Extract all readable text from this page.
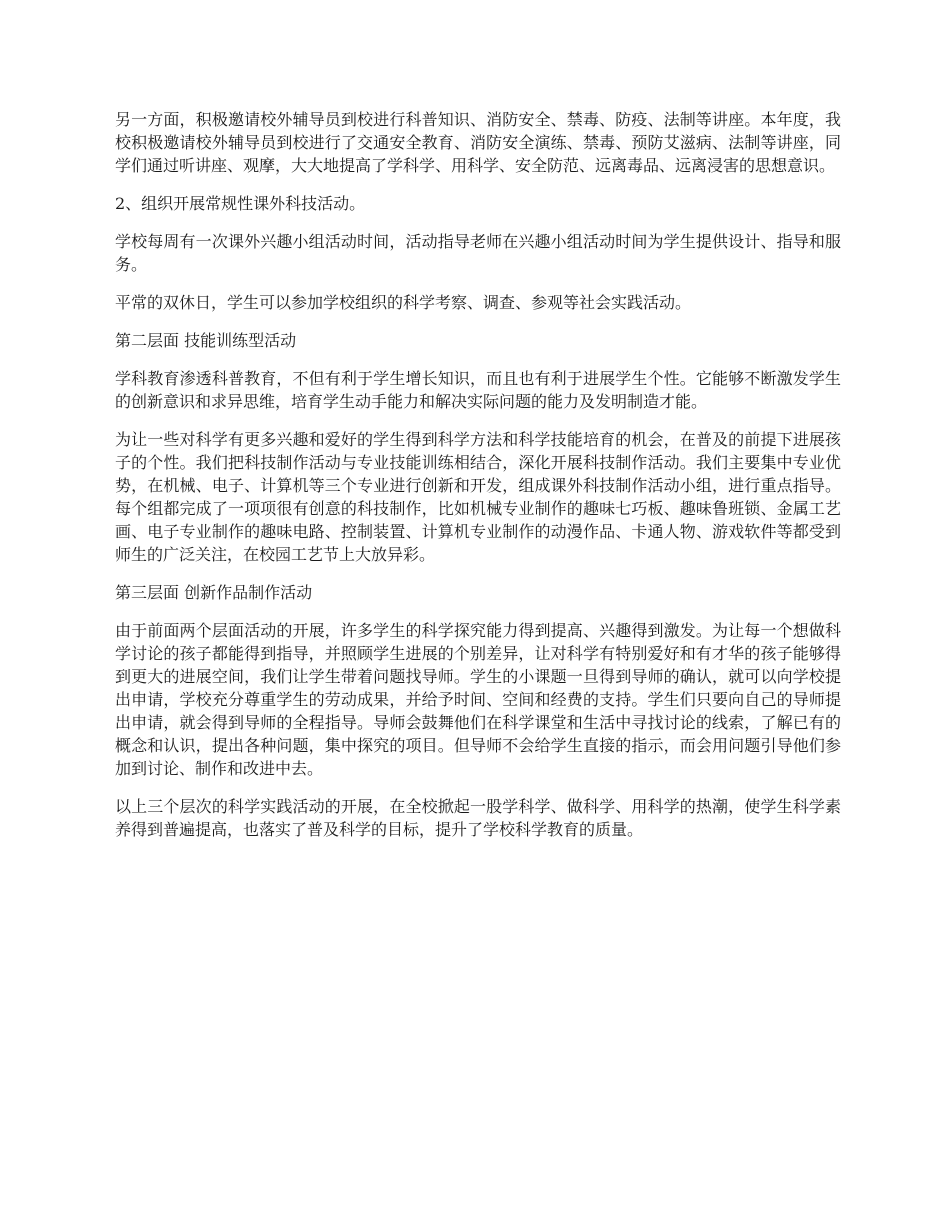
另一方面，积极邀请校外辅导员到校进行科普知识、消防安全、禁毒、防疫、法制等讲座。本年度，我校积极邀请校外辅导员到校进行了交通安全教育、消防安全演练、禁毒、预防艾滋病、法制等讲座，同学们通过听讲座、观摩，大大地提高了学科学、用科学、安全防范、远离毒品、远离浸害的思想意识。

2、组织开展常规性课外科技活动。

学校每周有一次课外兴趣小组活动时间，活动指导老师在兴趣小组活动时间为学生提供设计、指导和服务。

平常的双休日，学生可以参加学校组织的科学考察、调查、参观等社会实践活动。

第二层面 技能训练型活动

学科教育渗透科普教育，不但有利于学生增长知识，而且也有利于进展学生个性。它能够不断激发学生的创新意识和求异思维，培育学生动手能力和解决实际问题的能力及发明制造才能。

为让一些对科学有更多兴趣和爱好的学生得到科学方法和科学技能培育的机会，在普及的前提下进展孩子的个性。我们把科技制作活动与专业技能训练相结合，深化开展科技制作活动。我们主要集中专业优势，在机械、电子、计算机等三个专业进行创新和开发，组成课外科技制作活动小组，进行重点指导。每个组都完成了一项项很有创意的科技制作，比如机械专业制作的趣味七巧板、趣味鲁班锁、金属工艺画、电子专业制作的趣味电路、控制装置、计算机专业制作的动漫作品、卡通人物、游戏软件等都受到师生的广泛关注，在校园工艺节上大放异彩。

第三层面 创新作品制作活动

由于前面两个层面活动的开展，许多学生的科学探究能力得到提高、兴趣得到激发。为让每一个想做科学讨论的孩子都能得到指导，并照顾学生进展的个别差异，让对科学有特别爱好和有才华的孩子能够得到更大的进展空间，我们让学生带着问题找导师。学生的小课题一旦得到导师的确认，就可以向学校提出申请，学校充分尊重学生的劳动成果，并给予时间、空间和经费的支持。学生们只要向自己的导师提出申请，就会得到导师的全程指导。导师会鼓舞他们在科学课堂和生活中寻找讨论的线索，了解已有的概念和认识，提出各种问题，集中探究的项目。但导师不会给学生直接的指示，而会用问题引导他们参加到讨论、制作和改进中去。

以上三个层次的科学实践活动的开展，在全校掀起一股学科学、做科学、用科学的热潮，使学生科学素养得到普遍提高，也落实了普及科学的目标，提升了学校科学教育的质量。
